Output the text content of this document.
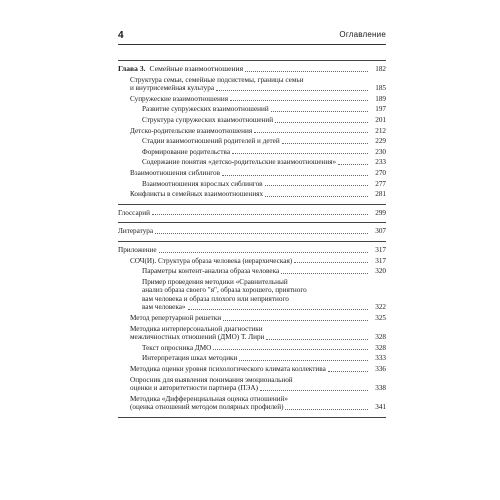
4	Оглавление
Глава 3. Семейные взаимоотношения	182
Структура семьи, семейные подсистемы, границы семьи
и внутрисемейная культура	185
Супружеские взаимоотношения	189
Развитие супружеских взаимоотношений	197
Структура супружеских взаимоотношений	201
Детско-родительские взаимоотношения	212
Стадии взаимоотношений родителей и детей	229
Формирование родительства	230
Содержание понятия «детско-родительские взаимоотношения»	233
Взаимоотношения сиблингов	270
Взаимоотношения взрослых сиблингов	277
Конфликты в семейных взаимоотношениях	281
Глоссарий	299
Литература	307
Приложение	317
СОЧ(И). Структура образа человека (иерархическая)	317
Параметры контент-анализа образа человека	320
Пример проведения методики «Сравнительный
анализ образа своего "я", образа хорошего, приятного
вам человека и образа плохого или неприятного
вам человека»	322
Метод репертуарной решетки	325
Методика интерперсональной диагностики
межличностных отношений (ДМО) Т. Лири	328
Текст опросника ДМО	328
Интерпретация шкал методики	333
Методика оценки уровня психологического климата коллектива	336
Опросник для выявления понимания эмоциональной
оценки и авторитетности партнера (ПЭА)	338
Методика «Дифференциальная оценка отношений»
(оценка отношений методом полярных профилей)	341
